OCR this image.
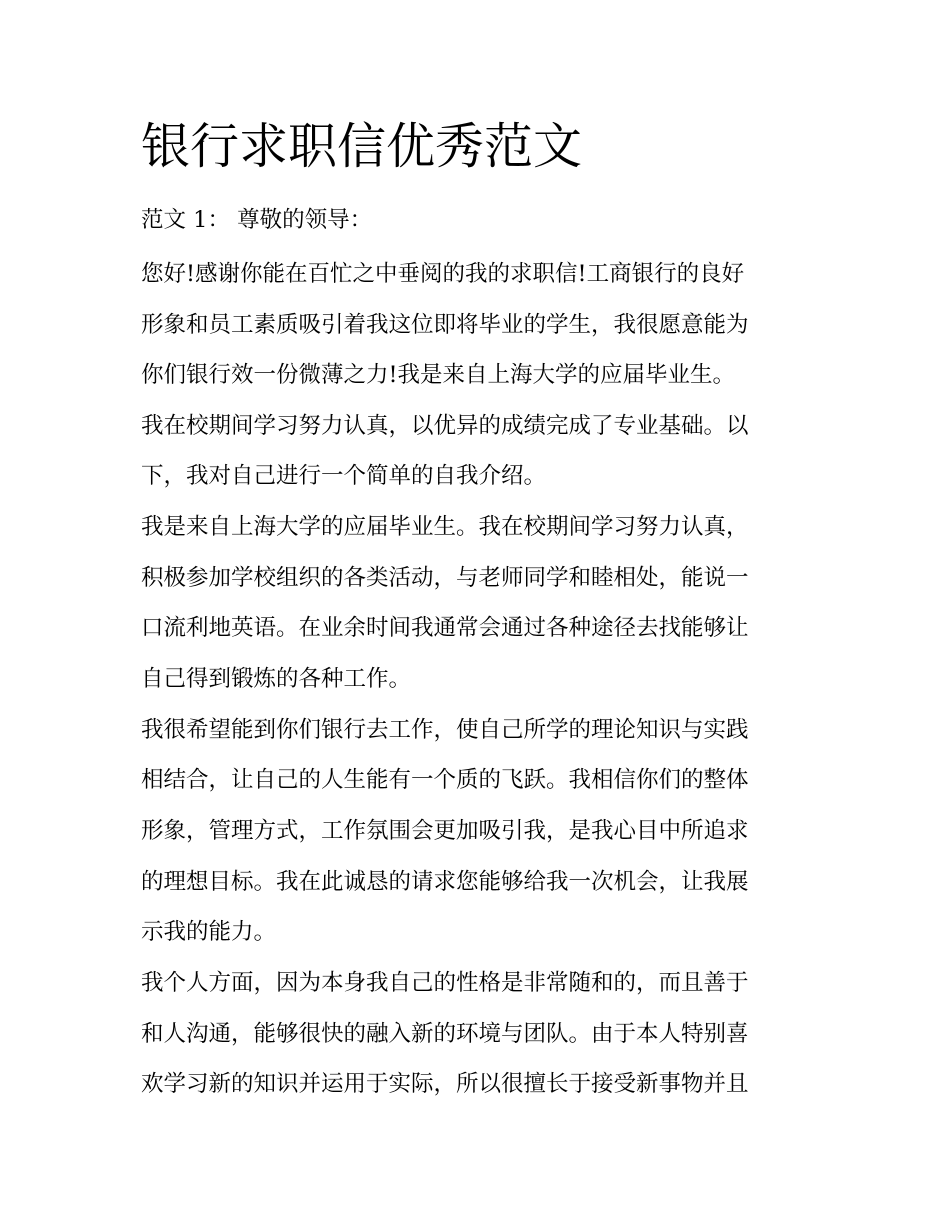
银行求职信优秀范文

范文 1： 尊敬的领导：

您好!感谢你能在百忙之中垂阅的我的求职信!工商银行的良好

形象和员工素质吸引着我这位即将毕业的学生，我很愿意能为

你们银行效一份微薄之力!我是来自上海大学的应届毕业生。

我在校期间学习努力认真，以优异的成绩完成了专业基础。以

下，我对自己进行一个简单的自我介绍。

我是来自上海大学的应届毕业生。我在校期间学习努力认真，

积极参加学校组织的各类活动，与老师同学和睦相处，能说一

口流利地英语。在业余时间我通常会通过各种途径去找能够让

自己得到锻炼的各种工作。

我很希望能到你们银行去工作，使自己所学的理论知识与实践

相结合，让自己的人生能有一个质的飞跃。我相信你们的整体

形象，管理方式，工作氛围会更加吸引我，是我心目中所追求

的理想目标。我在此诚恳的请求您能够给我一次机会，让我展

示我的能力。

我个人方面，因为本身我自己的性格是非常随和的，而且善于

和人沟通，能够很快的融入新的环境与团队。由于本人特别喜

欢学习新的知识并运用于实际，所以很擅长于接受新事物并且
